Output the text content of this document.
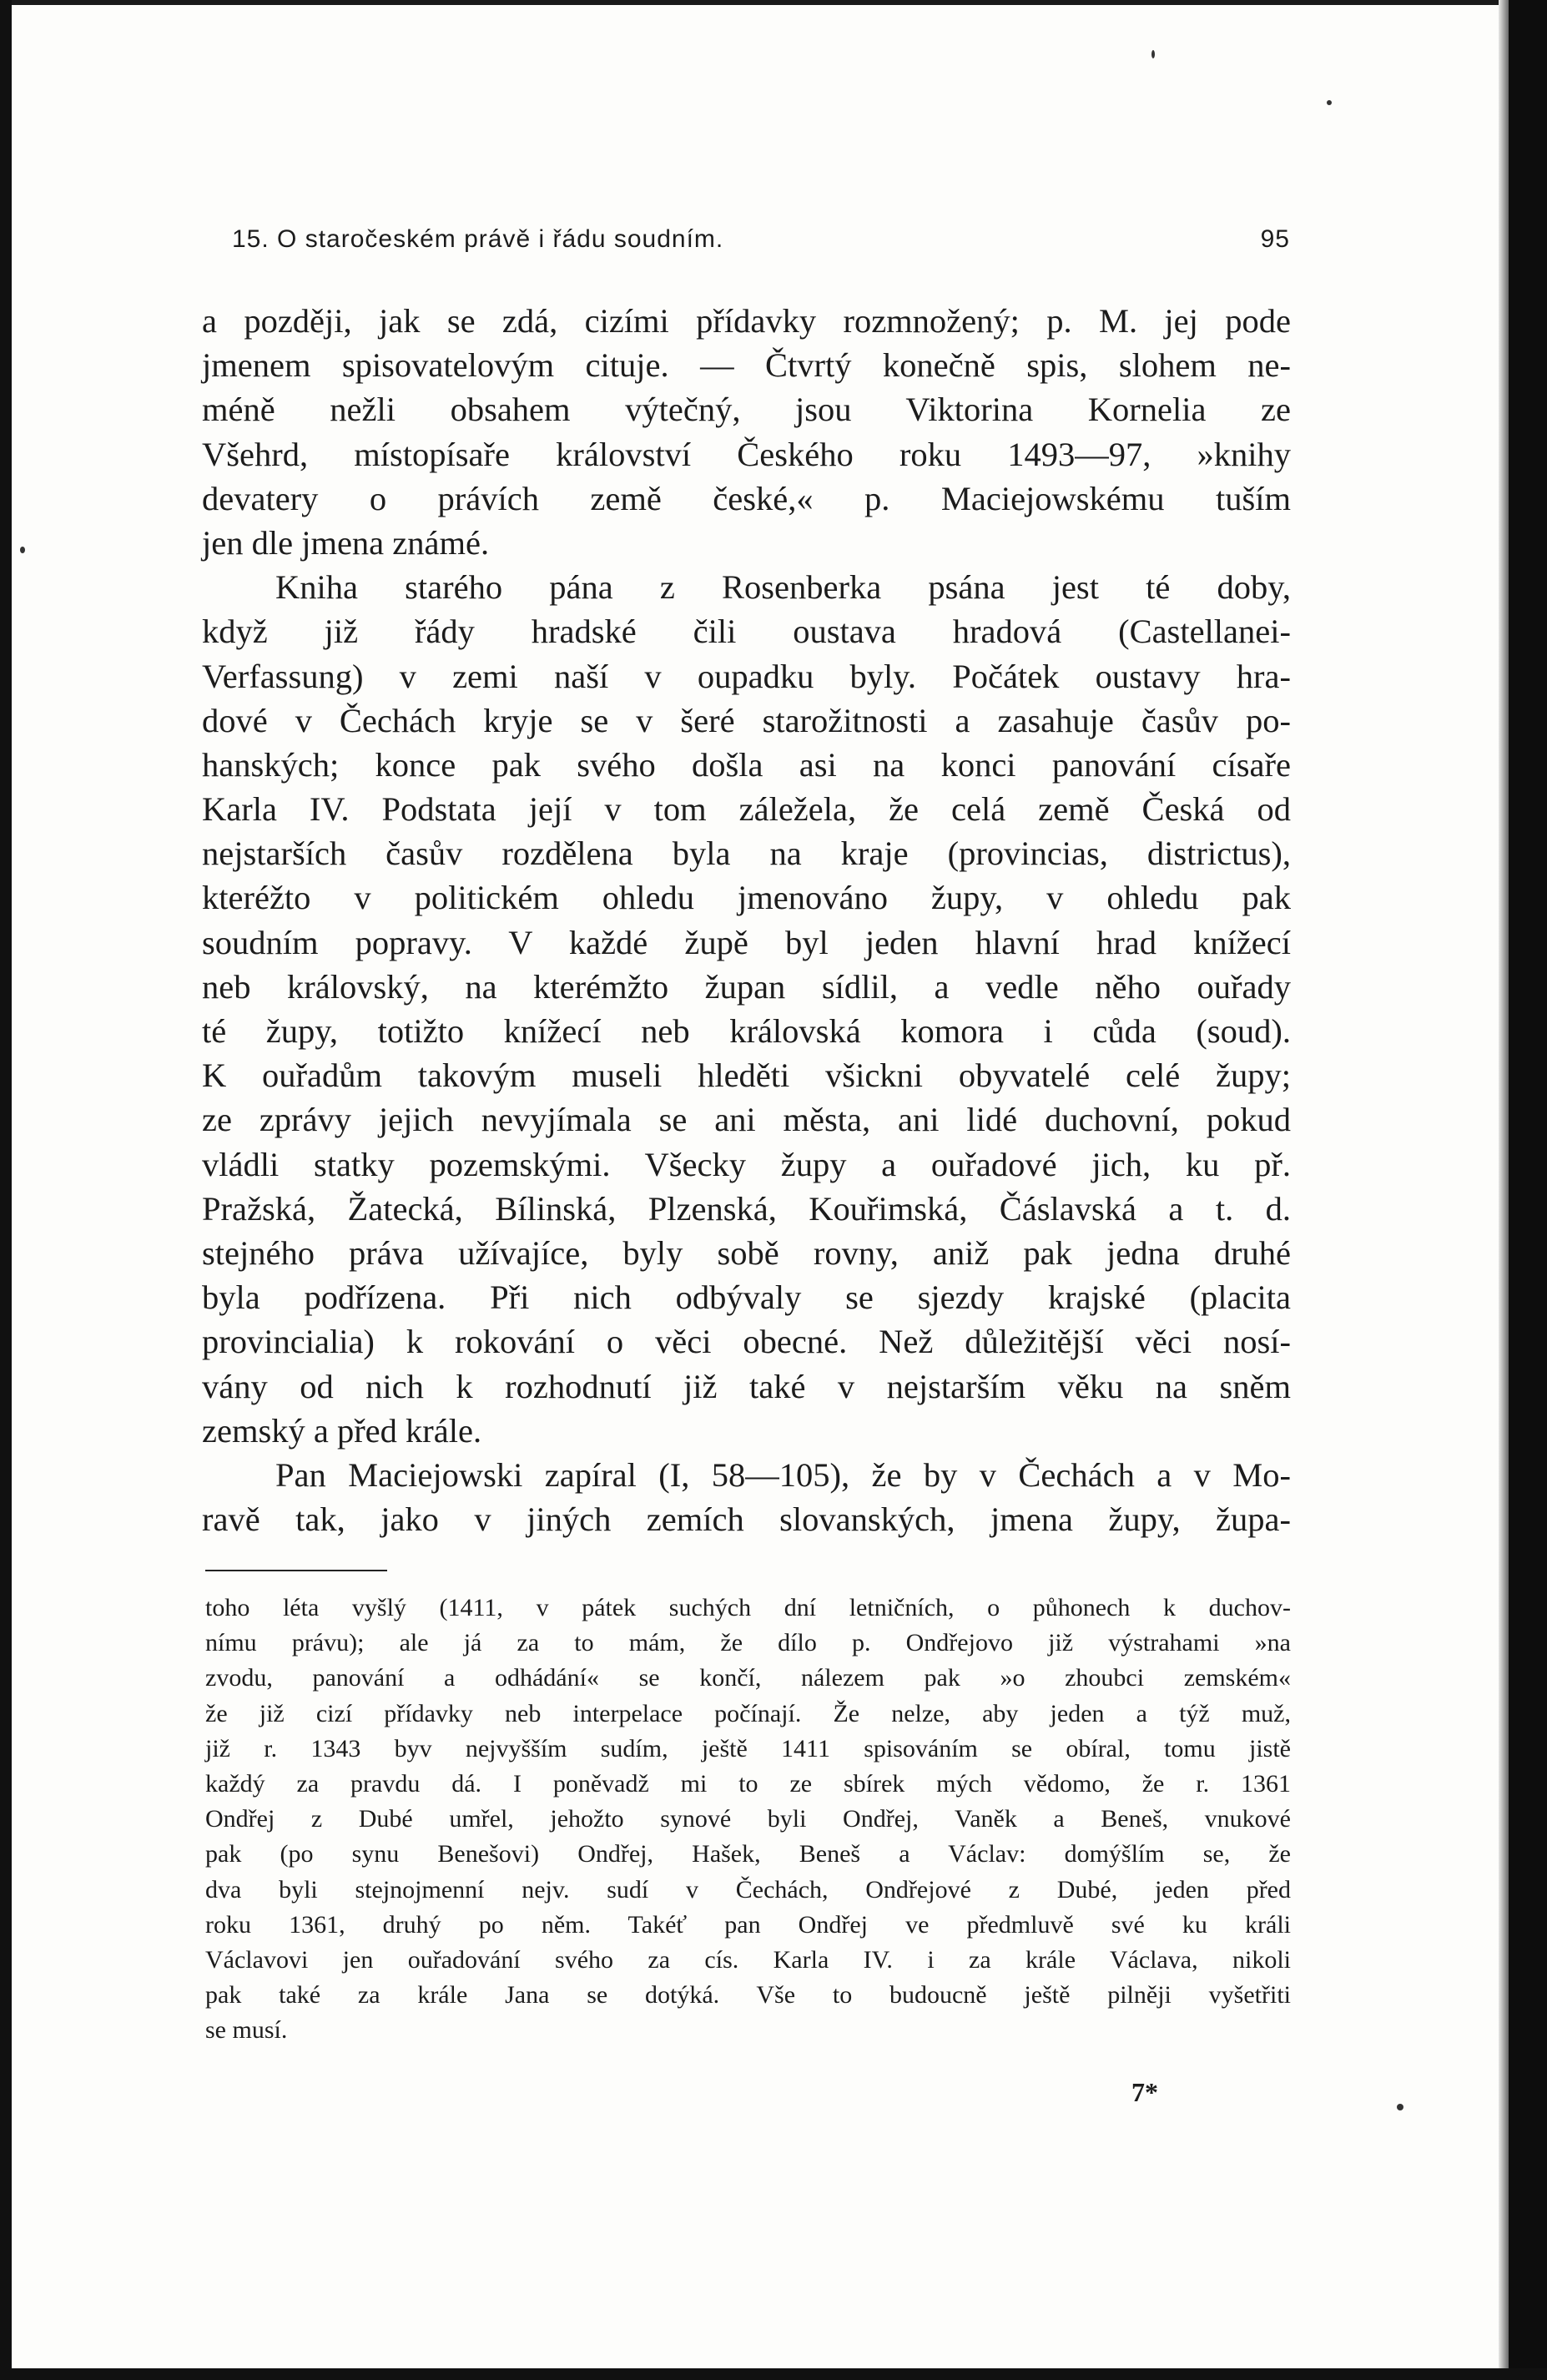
15. O staročeském právě i řádu soudním.	95
a později, jak se zdá, cizími přídavky rozmnožený; p. M. jej pode
jmenem spisovatelovým cituje. — Čtvrtý konečně spis, slohem ne-
méně nežli obsahem výtečný, jsou Viktorina Kornelia ze
Všehrd, místopísaře království Českého roku 1493—97, »knihy
devatery o právích země české,« p. Maciejowskému tuším
jen dle jmena známé.
Kniha starého pána z Rosenberka psána jest té doby,
když již řády hradské čili oustava hradová (Castellanei-
Verfassung) v zemi naší v oupadku byly. Počátek oustavy hra-
dové v Čechách kryje se v šeré starožitnosti a zasahuje časův po-
hanských; konce pak svého došla asi na konci panování císaře
Karla IV. Podstata její v tom záleželа, že celá země Česká od
nejstarších časův rozdělena byla na kraje (provincias, districtus),
kteréžto v politickém ohledu jmenováno župy, v ohledu pak
soudním popravy. V každé župě byl jeden hlavní hrad knížecí
neb královský, na kterémžto župan sídlil, a vedle něho ouřady
té župy, totižto knížecí neb královská komora i cůda (soud).
K ouřadům takovým museli hleděti všickni obyvatelé celé župy;
ze zprávy jejich nevyjímala se ani města, ani lidé duchovní, pokud
vládli statky pozemskými. Všecky župy a ouřadové jich, ku př.
Pražská, Žatecká, Bílinská, Plzenská, Kouřimská, Čáslavská a t. d.
stejného práva užívajíce, byly sobě rovny, aniž pak jedna druhé
byla podřízena. Při nich odbývaly se sjezdy krajské (placita
provincialia) k rokování o věci obecné. Než důležitější věci nosí-
vány od nich k rozhodnutí již také v nejstarším věku na sněm
zemský a před krále.
Pan Maciejowski zapíral (I, 58—105), že by v Čechách a v Mo-
ravě tak, jako v jiných zemích slovanských, jmena župy, župa-
toho léta vyšlý (1411, v pátek suchých dní letničních, o půhonech k duchov-
nímu právu); ale já za to mám, že dílo p. Ondřejovo již výstrahami »na
zvodu, panování a odhádání« se končí, nálezem pak »o zhoubci zemském«
že již cizí přídavky neb interpelace počínají. Že nelze, aby jeden a týž muž,
již r. 1343 byv nejvyšším sudím, ještě 1411 spisováním se obíral, tomu jistě
každý za pravdu dá. I poněvadž mi to ze sbírek mých vědomo, že r. 1361
Ondřej z Dubé umřel, jehožto synové byli Ondřej, Vaněk a Beneš, vnukové
pak (po synu Benešovi) Ondřej, Hašek, Beneš a Václav: domýšlím se, že
dva byli stejnojmenní nejv. sudí v Čechách, Ondřejové z Dubé, jeden před
roku 1361, druhý po něm. Takéť pan Ondřej ve předmluvě své ku králi
Václavovi jen ouřadování svého za cís. Karla IV. i za krále Václava, nikoli
pak také za krále Jana se dotýká. Vše to budoucně ještě pilněji vyšetřiti
se musí.
7*
